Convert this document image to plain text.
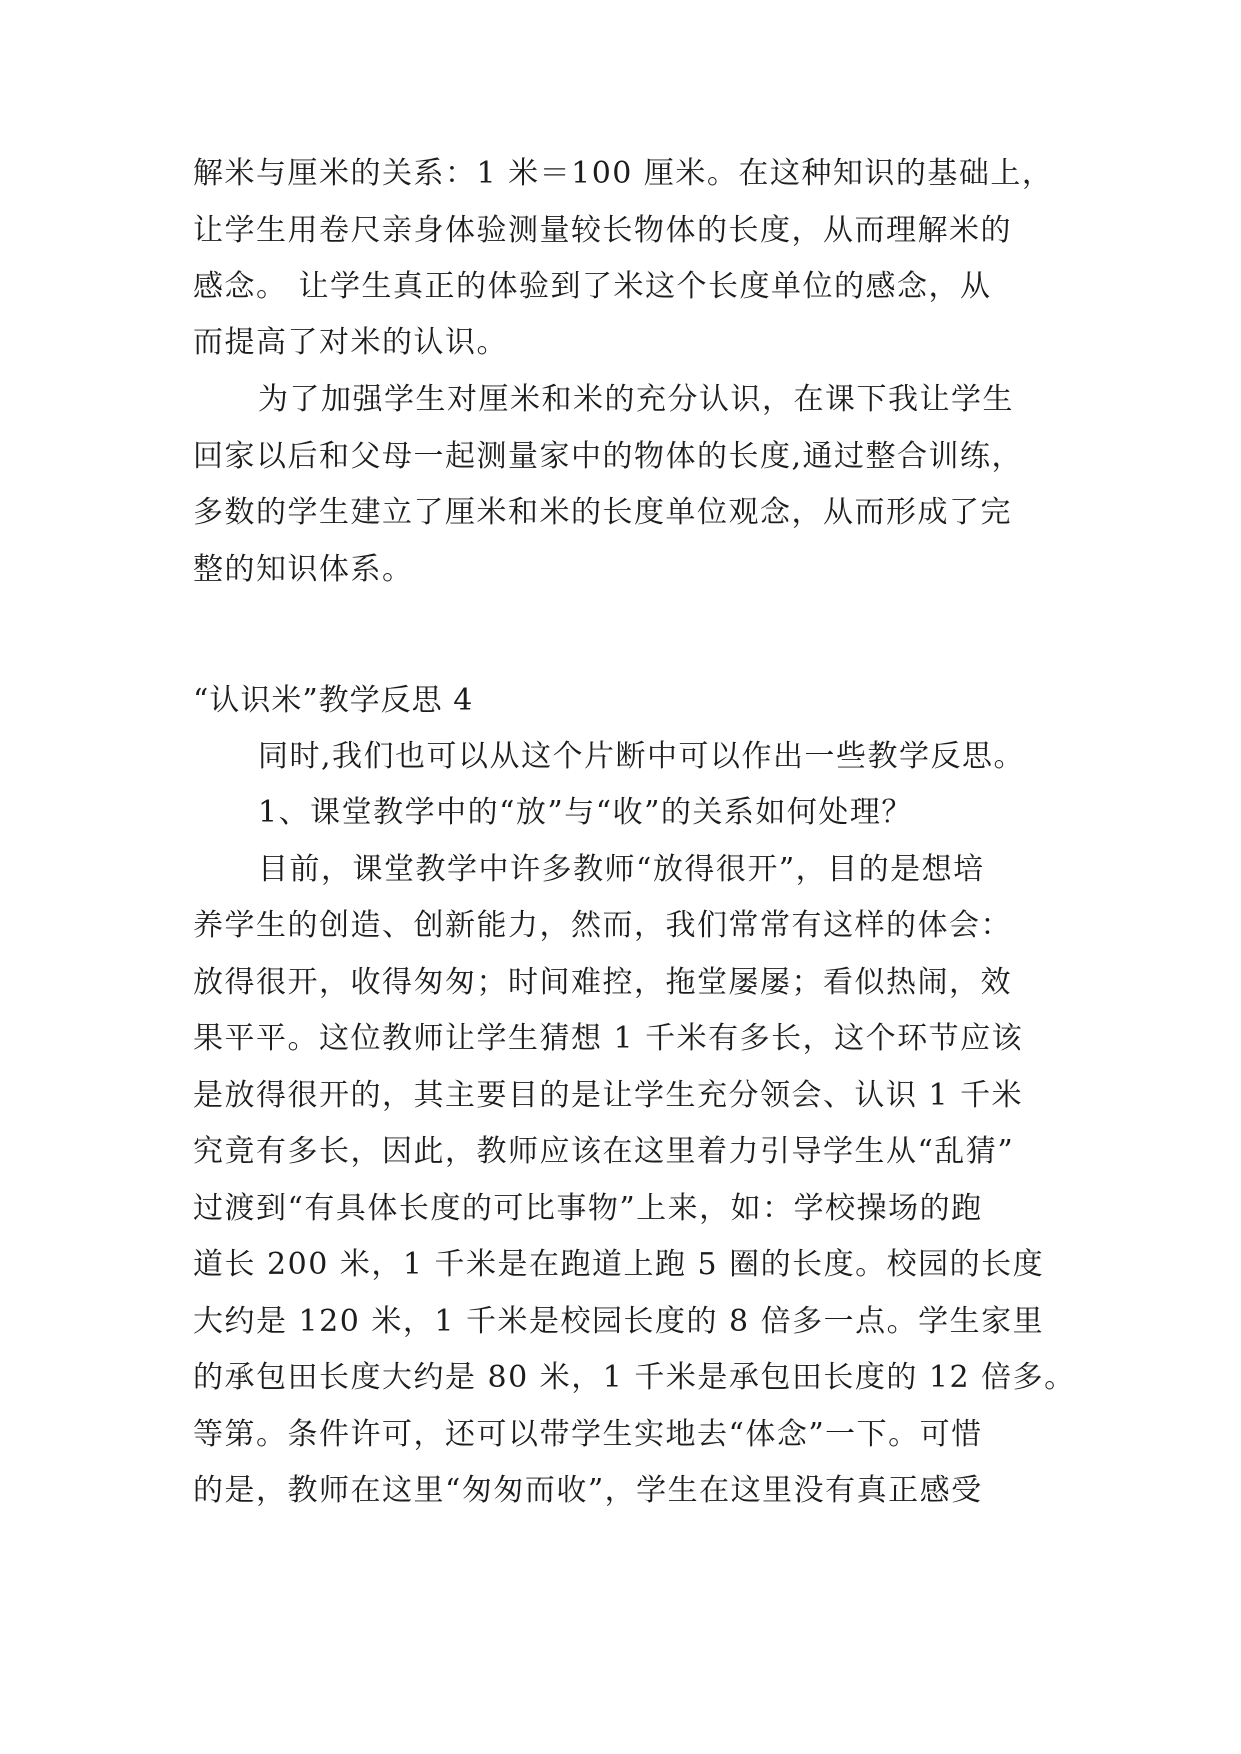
解米与厘米的关系：1 米＝100 厘米。在这种知识的基础上，
让学生用卷尺亲身体验测量较长物体的长度，从而理解米的
感念。 让学生真正的体验到了米这个长度单位的感念，从
而提高了对米的认识。
为了加强学生对厘米和米的充分认识，在课下我让学生
回家以后和父母一起测量家中的物体的长度,通过整合训练，
多数的学生建立了厘米和米的长度单位观念，从而形成了完
整的知识体系。
“认识米”教学反思 4
同时,我们也可以从这个片断中可以作出一些教学反思。
1、课堂教学中的“放”与“收”的关系如何处理？
目前，课堂教学中许多教师“放得很开”，目的是想培
养学生的创造、创新能力，然而，我们常常有这样的体会：
放得很开，收得匆匆；时间难控，拖堂屡屡；看似热闹，效
果平平。这位教师让学生猜想 1 千米有多长，这个环节应该
是放得很开的，其主要目的是让学生充分领会、认识 1 千米
究竟有多长，因此，教师应该在这里着力引导学生从“乱猜”
过渡到“有具体长度的可比事物”上来，如：学校操场的跑
道长 200 米，1 千米是在跑道上跑 5 圈的长度。校园的长度
大约是 120 米，1 千米是校园长度的 8 倍多一点。学生家里
的承包田长度大约是 80 米，1 千米是承包田长度的 12 倍多。
等第。条件许可，还可以带学生实地去“体念”一下。可惜
的是，教师在这里“匆匆而收”，学生在这里没有真正感受
